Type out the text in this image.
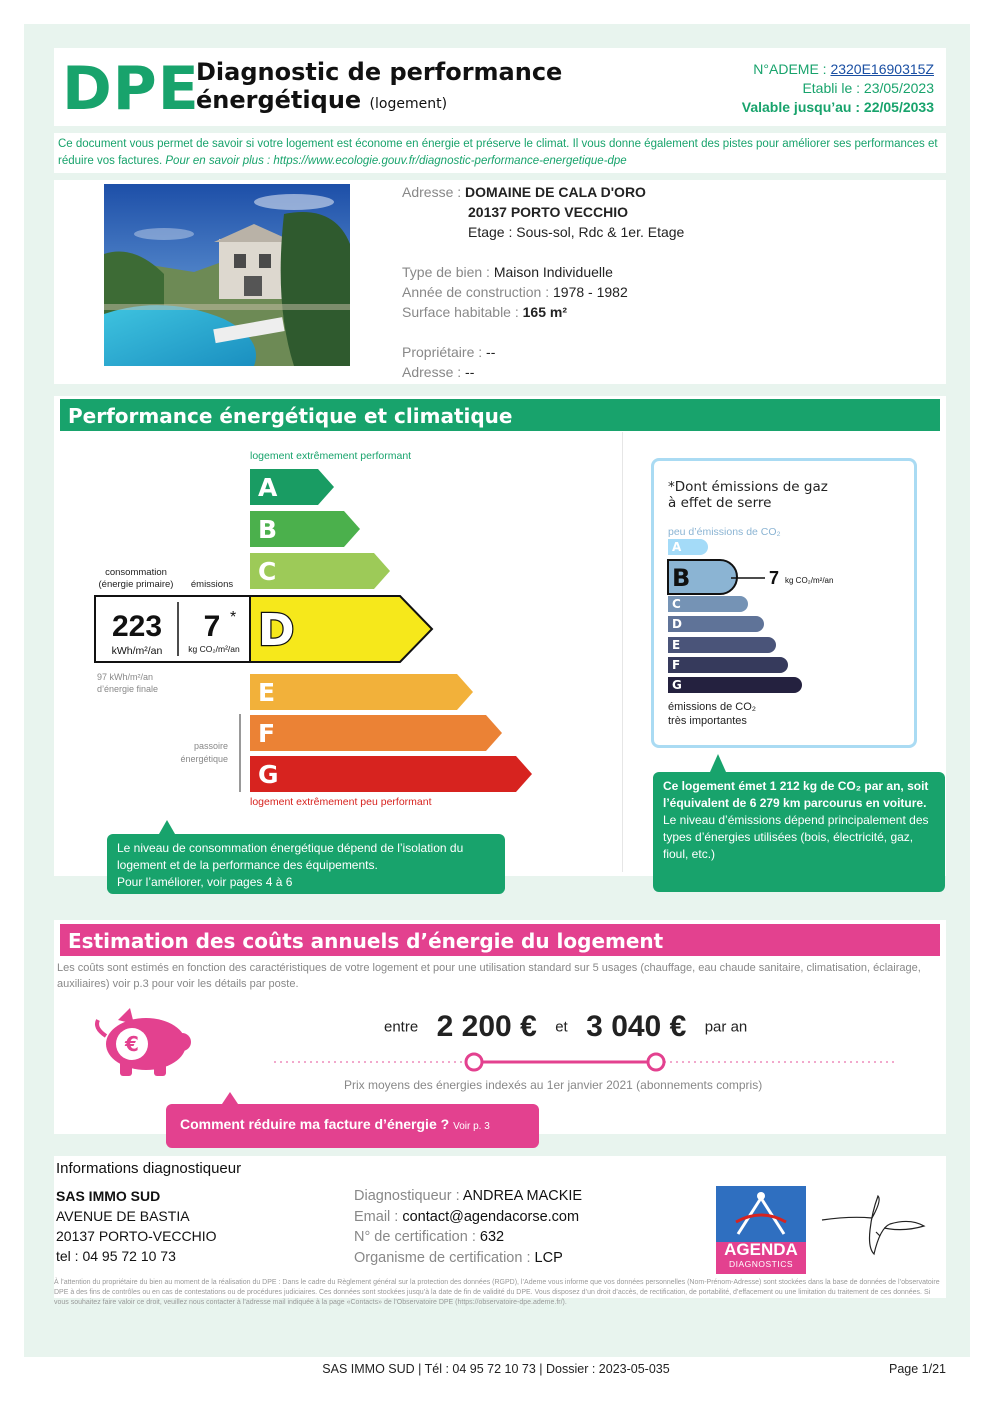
DPE
Diagnostic de performance
énergétique (logement)
N°ADEME : 2320E1690315Z
Etabli le : 23/05/2023
Valable jusqu’au : 22/05/2033
Ce document vous permet de savoir si votre logement est économe en énergie et préserve le climat. Il vous donne également des pistes pour améliorer ses performances et réduire vos factures. Pour en savoir plus : https://www.ecologie.gouv.fr/diagnostic-performance-energetique-dpe
Adresse : DOMAINE DE CALA D'ORO
20137 PORTO VECCHIO
Etage : Sous-sol, Rdc & 1er. Etage
Type de bien : Maison Individuelle
Année de construction : 1978 - 1982
Surface habitable : 165 m²
Propriétaire : --
Adresse : --
Performance énergétique et climatique
logement extrêmement performant
A
B
C
D
E
F
G
logement extrêmement peu performant
consommation
(énergie primaire) émissions
223
kWh/m²/an
7 *
kg CO₂/m²/an
97 kWh/m²/an
d’énergie finale
passoire
énergétique
*Dont émissions de gaz
à effet de serre
peu d’émissions de CO₂
A
B
C
D
E
F
G
7 kg CO₂/m²/an
émissions de CO₂
très importantes
Le niveau de consommation énergétique dépend de l’isolation du logement et de la performance des équipements.
Pour l’améliorer, voir pages 4 à 6
Ce logement émet 1 212 kg de CO₂ par an, soit l’équivalent de 6 279 km parcourus en voiture.
Le niveau d’émissions dépend principalement des types d’énergies utilisées (bois, électricité, gaz, fioul, etc.)
Estimation des coûts annuels d’énergie du logement
Les coûts sont estimés en fonction des caractéristiques de votre logement et pour une utilisation standard sur 5 usages (chauffage, eau chaude sanitaire, climatisation, éclairage, auxiliaires) voir p.3 pour voir les détails par poste.
€
entre 2 200 € et 3 040 € par an
Prix moyens des énergies indexés au 1er janvier 2021 (abonnements compris)
Comment réduire ma facture d’énergie ? Voir p. 3
Informations diagnostiqueur
SAS IMMO SUD
AVENUE DE BASTIA
20137 PORTO-VECCHIO
tel : 04 95 72 10 73
Diagnostiqueur : ANDREA MACKIE
Email : contact@agendacorse.com
N° de certification : 632
Organisme de certification : LCP	AGENDA
DIAGNOSTICS
À l’attention du propriétaire du bien au moment de la réalisation du DPE : Dans le cadre du Règlement général sur la protection des données (RGPD), l’Ademe vous informe que vos données personnelles (Nom-Prénom-Adresse) sont stockées dans la base de données de l’observatoire DPE à des fins de contrôles ou en cas de contestations ou de procédures judiciaires. Ces données sont stockées jusqu’à la date de fin de validité du DPE. Vous disposez d’un droit d’accès, de rectification, de portabilité, d’effacement ou une limitation du traitement de ces données. Si vous souhaitez faire valoir ce droit, veuillez nous contacter à l’adresse mail indiquée à la page «Contacts» de l’Observatoire DPE (https://observatoire-dpe.ademe.fr/).
SAS IMMO SUD | Tél : 04 95 72 10 73 | Dossier : 2023-05-035	Page 1/21
